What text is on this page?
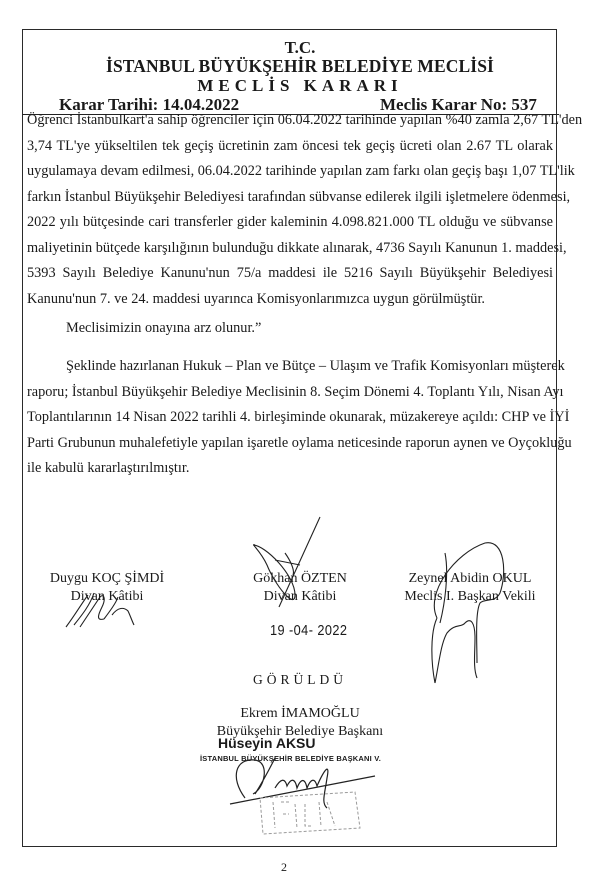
T.C.
İSTANBUL BÜYÜKŞEHİR BELEDİYE MECLİSİ
MECLİS KARARI
Karar Tarihi: 14.04.2022	Meclis Karar No: 537
Öğrenci İstanbulkart'a sahip öğrenciler için 06.04.2022 tarihinde yapılan %40 zamla 2,67 TL'den
3,74 TL'ye yükseltilen tek geçiş ücretinin zam öncesi tek geçiş ücreti olan 2.67 TL olarak
uygulamaya devam edilmesi, 06.04.2022 tarihinde yapılan zam farkı olan geçiş başı 1,07 TL'lik
farkın İstanbul Büyükşehir Belediyesi tarafından sübvanse edilerek ilgili işletmelere ödenmesi,
2022 yılı bütçesinde cari transferler gider kaleminin 4.098.821.000 TL olduğu ve sübvanse
maliyetinin bütçede karşılığının bulunduğu dikkate alınarak, 4736 Sayılı Kanunun 1. maddesi,
5393 Sayılı Belediye Kanunu'nun 75/a maddesi ile 5216 Sayılı Büyükşehir Belediyesi
Kanunu'nun 7. ve 24. maddesi uyarınca Komisyonlarımızca uygun görülmüştür.
Meclisimizin onayına arz olunur.”
Şeklinde hazırlanan Hukuk – Plan ve Bütçe – Ulaşım ve Trafik Komisyonları müşterek
raporu; İstanbul Büyükşehir Belediye Meclisinin 8. Seçim Dönemi 4. Toplantı Yılı, Nisan Ayı
Toplantılarının 14 Nisan 2022 tarihli 4. birleşiminde okunarak, müzakereye açıldı: CHP ve İYİ
Parti Grubunun muhalefetiyle yapılan işaretle oylama neticesinde raporun aynen ve Oyçokluğu
ile kabulü kararlaştırılmıştır.
Duygu KOÇ ŞİMDİ
Divan Kâtibi
Gökhan ÖZTEN
Divan Kâtibi
Zeynel Abidin OKUL
Meclis I. Başkan Vekili
19 -04- 2022
GÖRÜLDÜ
Ekrem İMAMOĞLU
Büyükşehir Belediye Başkanı
Hüseyin AKSU
İSTANBUL BÜYÜKŞEHİR BELEDİYE BAŞKANI V.
2
